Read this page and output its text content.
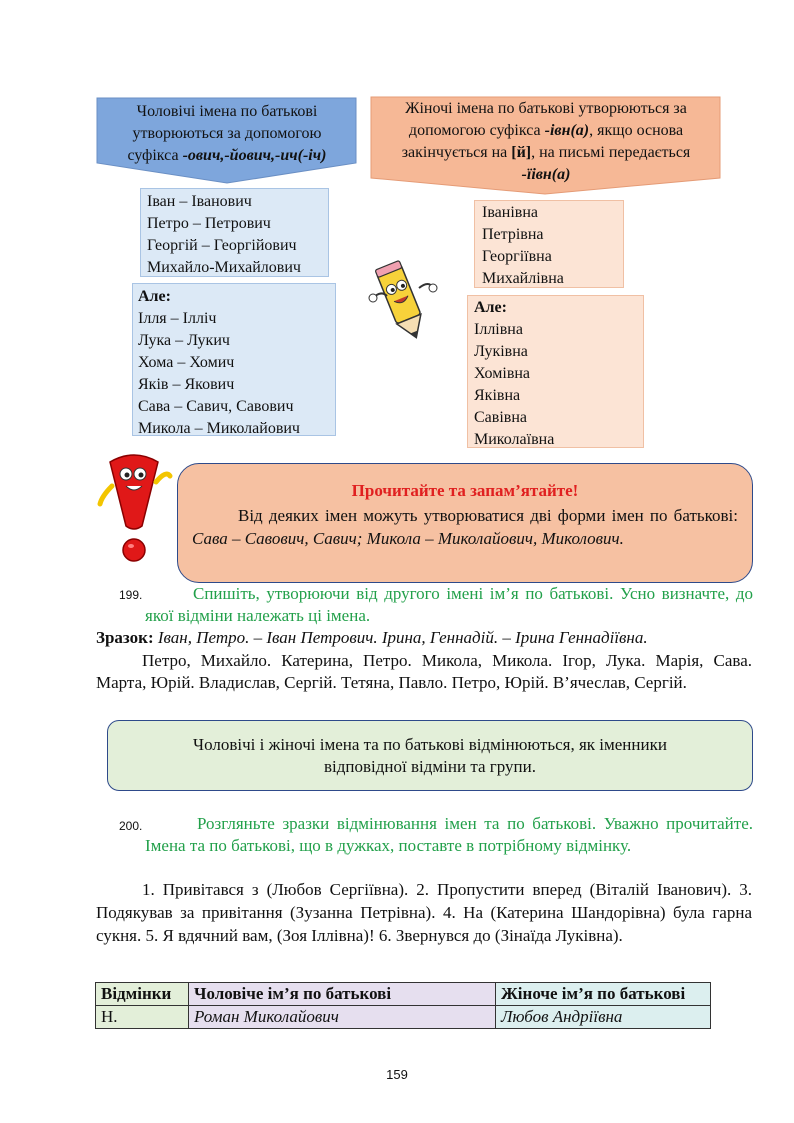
Чоловічі імена по батькові
утворюються за допомогою
суфікса -ович,-йович,-ич(-іч)
Жіночі імена по батькові утворюються за
допомогою суфікса -івн(а), якщо основа
закінчується на [й], на письмі передається
-їівн(а)
Іван – Іванович
Петро – Петрович
Георгій – Георгійович
Михайло-Михайлович
Але:
Ілля – Ілліч
Лука – Лукич
Хома – Хомич
Яків – Якович
Сава – Савич, Савович
Микола – Миколайович
Іванівна
Петрівна
Георгіївна
Михайлівна
Але:
Іллівна
Луківна
Хомівна
Яківна
Савівна
Миколаївна
Прочитайте та запам’ятайте!
Від деяких імен можуть утворюватися дві форми імен по батькові: Сава – Савович, Савич; Микола – Миколайович, Миколович.
199.	Спишіть, утворюючи від другого імені ім’я по батькові. Усно визначте, до якої відміни належать ці імена.
Зразок: Іван, Петро. – Іван Петрович. Ірина, Геннадій. – Ірина Геннадіївна.
Петро, Михайло. Катерина, Петро. Микола, Микола. Ігор, Лука. Марія, Сава. Марта, Юрій. Владислав, Сергій. Тетяна, Павло. Петро, Юрій. В’ячеслав, Сергій.
Чоловічі і жіночі імена та по батькові відмінюються, як іменники
відповідної відміни та групи.
200.	Розгляньте зразки відмінювання імен та по батькові. Уважно прочитайте. Імена та по батькові, що в дужках, поставте в потрібному відмінку.
1. Привітався з (Любов Сергіївна). 2. Пропустити вперед (Віталій Іванович). 3. Подякував за привітання (Зузанна Петрівна). 4. На (Катерина Шандорівна) була гарна сукня. 5. Я вдячний вам, (Зоя Іллівна)! 6. Звернувся до (Зінаїда Луківна).
Відмінки	Чоловіче ім’я по батькові	Жіноче ім’я по батькові
Н.	Роман Миколайович	Любов Андріївна
159
